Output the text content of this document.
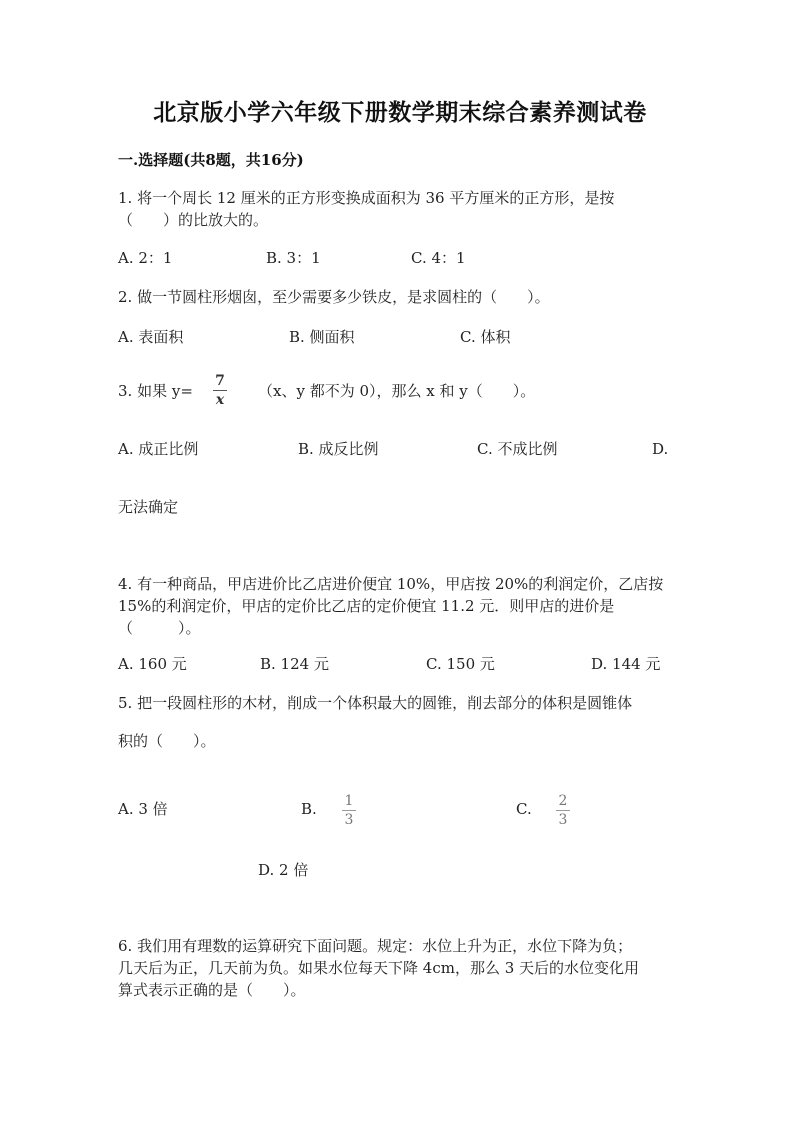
北京版小学六年级下册数学期末综合素养测试卷
一.选择题(共8题，共16分)
1. 将一个周长 12 厘米的正方形变换成面积为 36 平方厘米的正方形，是按
（　　）的比放大的。
A. 2：1	B. 3：1	C. 4：1
2. 做一节圆柱形烟囱，至少需要多少铁皮，是求圆柱的（　　）。
A. 表面积	B. 侧面积	C. 体积
3. 如果 y=
7
x （x、y 都不为 0），那么 x 和 y（　　）。
A. 成正比例	B. 成反比例	C. 不成比例	D.
无法确定
4. 有一种商品，甲店进价比乙店进价便宜 10%，甲店按 20%的利润定价，乙店按
15%的利润定价，甲店的定价比乙店的定价便宜 11.2 元．则甲店的进价是
（　　　）。
A. 160 元	B. 124 元	C. 150 元	D. 144 元
5. 把一段圆柱形的木材，削成一个体积最大的圆锥，削去部分的体积是圆锥体
积的（　　）。
A. 3 倍	B. 1
3
C. 2
3
D. 2 倍
6. 我们用有理数的运算研究下面问题。规定：水位上升为正，水位下降为负；
几天后为正，几天前为负。如果水位每天下降 4cm，那么 3 天后的水位变化用
算式表示正确的是（　　）。
